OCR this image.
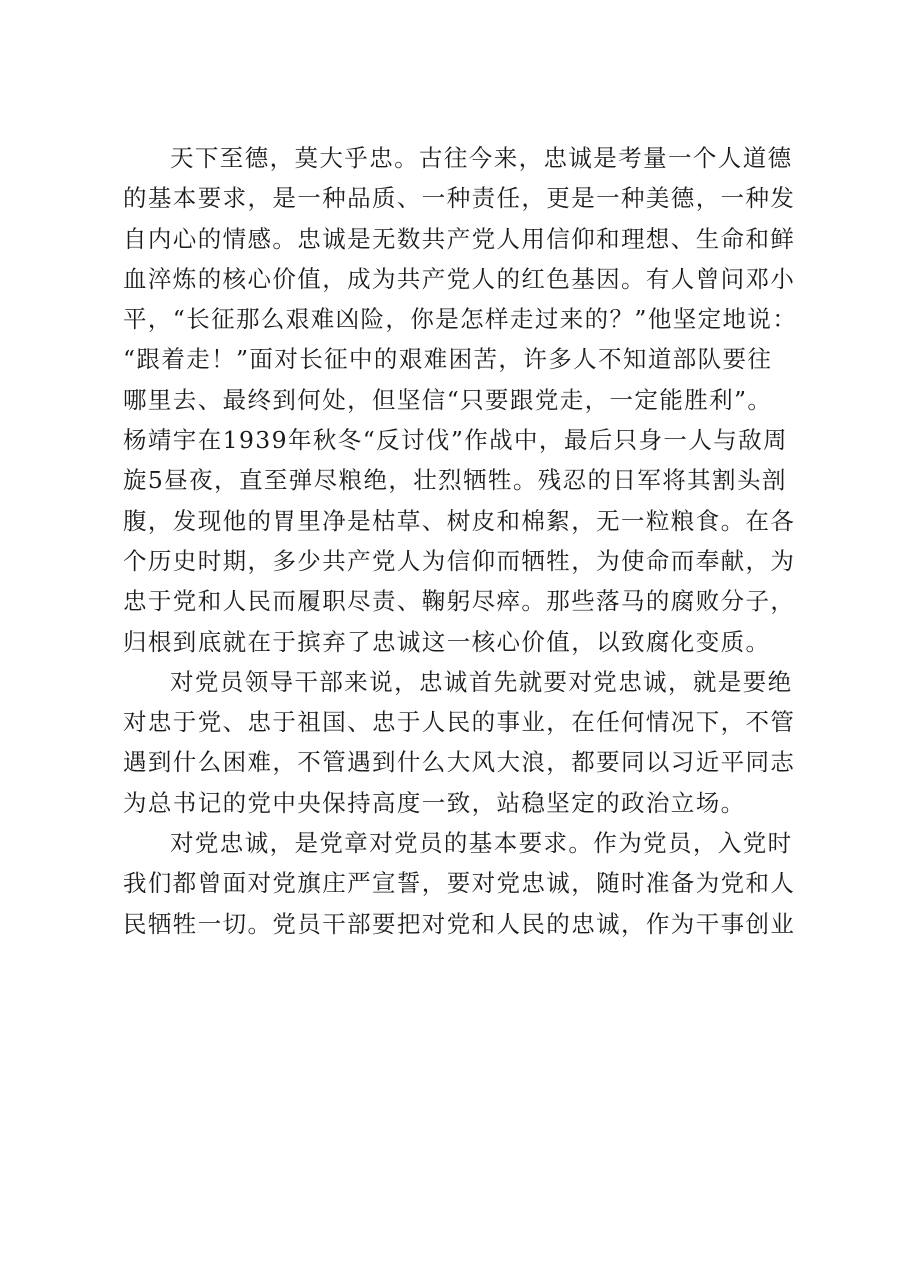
天下至德，莫大乎忠。古往今来，忠诚是考量一个人道德
的基本要求，是一种品质、一种责任，更是一种美德，一种发
自内心的情感。忠诚是无数共产党人用信仰和理想、生命和鲜
血淬炼的核心价值，成为共产党人的红色基因。有人曾问邓小
平，“长征那么艰难凶险，你是怎样走过来的？”他坚定地说：
“跟着走！”面对长征中的艰难困苦，许多人不知道部队要往
哪里去、最终到何处，但坚信“只要跟党走，一定能胜利”。
杨靖宇在1939年秋冬“反讨伐”作战中，最后只身一人与敌周
旋5昼夜，直至弹尽粮绝，壮烈牺牲。残忍的日军将其割头剖
腹，发现他的胃里净是枯草、树皮和棉絮，无一粒粮食。在各
个历史时期，多少共产党人为信仰而牺牲，为使命而奉献，为
忠于党和人民而履职尽责、鞠躬尽瘁。那些落马的腐败分子，
归根到底就在于摈弃了忠诚这一核心价值，以致腐化变质。
对党员领导干部来说，忠诚首先就要对党忠诚，就是要绝
对忠于党、忠于祖国、忠于人民的事业，在任何情况下，不管
遇到什么困难，不管遇到什么大风大浪，都要同以习近平同志
为总书记的党中央保持高度一致，站稳坚定的政治立场。
对党忠诚，是党章对党员的基本要求。作为党员，入党时
我们都曾面对党旗庄严宣誓，要对党忠诚，随时准备为党和人
民牺牲一切。党员干部要把对党和人民的忠诚，作为干事创业
